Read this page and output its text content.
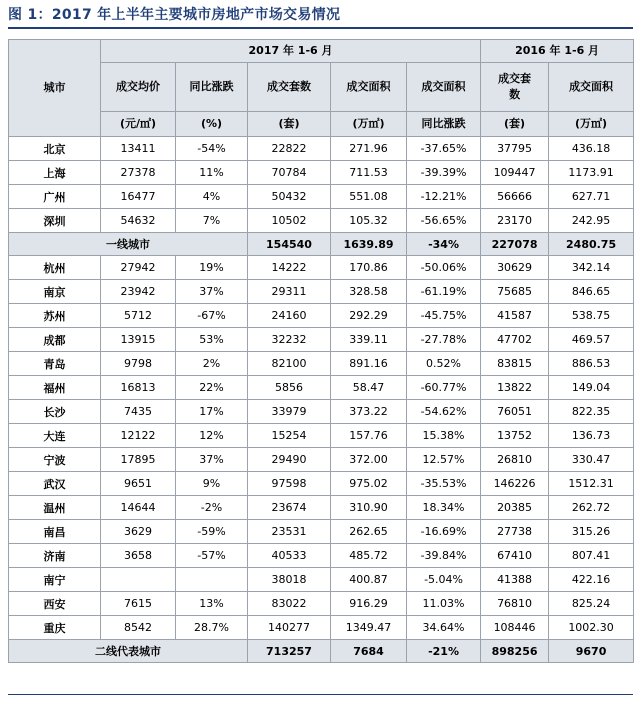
图 1：2017 年上半年主要城市房地产市场交易情况
城市	2017 年 1-6 月					2016 年 1-6 月	
	成交均价	同比涨跌	成交套数	成交面积	成交面积	成交套数	成交面积
	(元/㎡)	(%)	(套)	(万㎡)	同比涨跌	(套)	(万㎡)
北京	13411	-54%	22822	271.96	-37.65%	37795	436.18
上海	27378	11%	70784	711.53	-39.39%	109447	1173.91
广州	16477	4%	50432	551.08	-12.21%	56666	627.71
深圳	54632	7%	10502	105.32	-56.65%	23170	242.95
一线城市			154540	1639.89	-34%	227078	2480.75
杭州	27942	19%	14222	170.86	-50.06%	30629	342.14
南京	23942	37%	29311	328.58	-61.19%	75685	846.65
苏州	5712	-67%	24160	292.29	-45.75%	41587	538.75
成都	13915	53%	32232	339.11	-27.78%	47702	469.57
青岛	9798	2%	82100	891.16	0.52%	83815	886.53
福州	16813	22%	5856	58.47	-60.77%	13822	149.04
长沙	7435	17%	33979	373.22	-54.62%	76051	822.35
大连	12122	12%	15254	157.76	15.38%	13752	136.73
宁波	17895	37%	29490	372.00	12.57%	26810	330.47
武汉	9651	9%	97598	975.02	-35.53%	146226	1512.31
温州	14644	-2%	23674	310.90	18.34%	20385	262.72
南昌	3629	-59%	23531	262.65	-16.69%	27738	315.26
济南	3658	-57%	40533	485.72	-39.84%	67410	807.41
南宁			38018	400.87	-5.04%	41388	422.16
西安	7615	13%	83022	916.29	11.03%	76810	825.24
重庆	8542	28.7%	140277	1349.47	34.64%	108446	1002.30
二线代表城市			713257	7684	-21%	898256	9670
